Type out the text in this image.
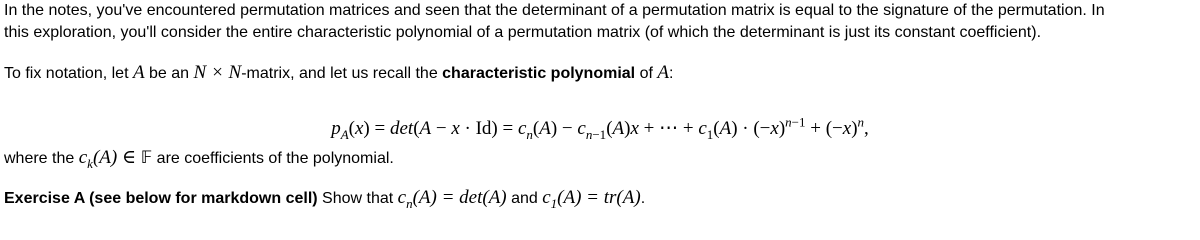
In the notes, you've encountered permutation matrices and seen that the determinant of a permutation matrix is equal to the signature of the permutation. In
this exploration, you'll consider the entire characteristic polynomial of a permutation matrix (of which the determinant is just its constant coefficient).

To fix notation, let A be an N × N-matrix, and let us recall the characteristic polynomial of A:

$p_A(x) = \det(A - x \cdot Id) = c_n(A) - c_{n-1}(A)x$ + ⋯ + $c_1(A) \cdot (-x)^{n-1} + (-x)^n$,

where the $c_k(A)$ ∈ 𝔽 are coefficients of the polynomial.

Exercise A (see below for markdown cell) Show that $c_n(A) = \det(A)$ and $c_1(A) = tr(A)$.
